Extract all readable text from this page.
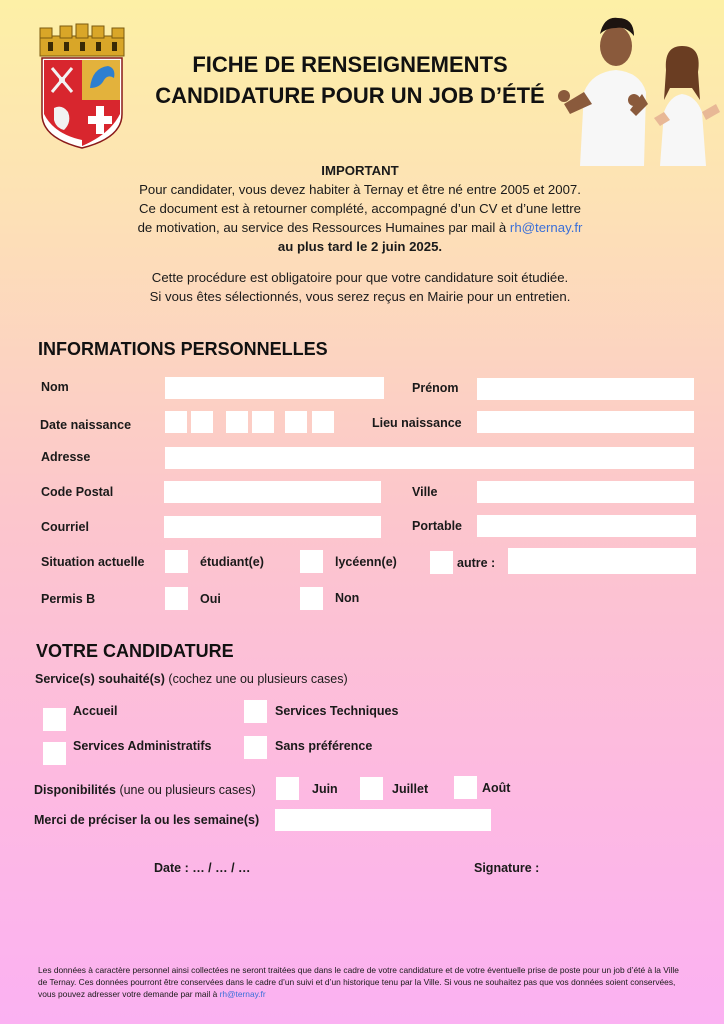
FICHE DE RENSEIGNEMENTS
CANDIDATURE POUR UN JOB D’ÉTÉ
IMPORTANT
Pour candidater, vous devez habiter à Ternay et être né entre 2005 et 2007.
Ce document est à retourner complété, accompagné d’un CV et d’une lettre
de motivation, au service des Ressources Humaines par mail à rh@ternay.fr
au plus tard le 2 juin 2025.
Cette procédure est obligatoire pour que votre candidature soit étudiée.
Si vous êtes sélectionnés, vous serez reçus en Mairie pour un entretien.
INFORMATIONS PERSONNELLES
Nom	Prénom
Date naissance	Lieu naissance
Adresse
Code Postal	Ville
Courriel	Portable
Situation actuelle	étudiant(e)	lycéenn(e)	autre :
Permis B	Oui	Non
VOTRE CANDIDATURE
Service(s) souhaité(s) (cochez une ou plusieurs cases)
Accueil	Services Techniques
Services Administratifs	Sans préférence
Disponibilités (une ou plusieurs cases)	Juin	Juillet	Août
Merci de préciser la ou les semaine(s)
Date : … / … / …	Signature :
Les données à caractère personnel ainsi collectées ne seront traitées que dans le cadre de votre candidature et de votre éventuelle prise de poste pour un job d’été à la Ville de Ternay. Ces données pourront être conservées dans le cadre d’un suivi et d’un historique tenu par la Ville. Si vous ne souhaitez pas que vos données soient conservées, vous pouvez adresser votre demande par mail à rh@ternay.fr
